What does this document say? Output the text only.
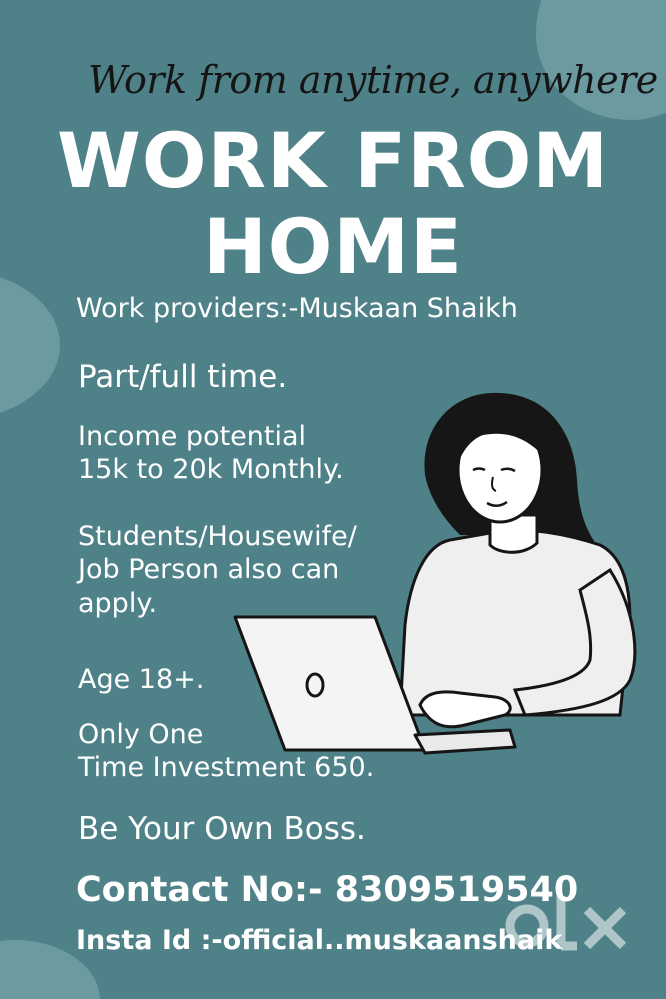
Work from anytime, anywhere
WORK FROM
HOME
Work providers:-Muskaan Shaikh
Part/full time.
Income potential
15k to 20k Monthly.
Students/Housewife/
Job Person also can
apply.
Age 18+.
Only One
Time Investment 650.
Be Your Own Boss.
Contact No:- 8309519540
Insta Id :-official..muskaanshaik
